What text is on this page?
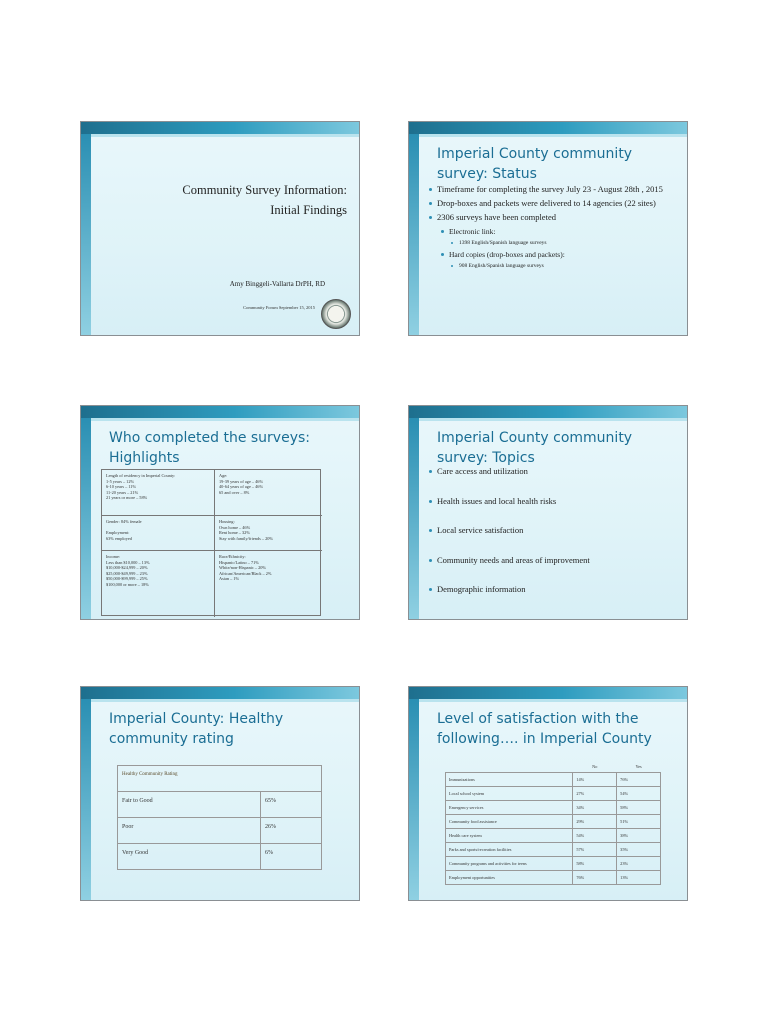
Community Survey Information:
Initial Findings
Amy Binggeli-Vallarta DrPH, RD
Community Forum September 15, 2015
Imperial County community survey: Status
Timeframe for completing the survey July 23 - August 28th , 2015
Drop-boxes and packets were delivered to 14 agencies (22 sites)
2306 surveys have been completed
Electronic link:
1398 English/Spanish language surveys
Hard copies (drop-boxes and packets):
908 English/Spanish language surveys
Who completed the surveys: Highlights
Length of residency in Imperial County:
1-5 years – 12%
6-10 years – 11%
11-20 years – 21%
21 years or more – 58%
Age:
19-39 years of age – 46%
40-64 years of age – 46%
65 and over – 8%
Gender: 84% female

Employment:
63% employed
Housing:
Own home – 46%
Rent home – 32%
Stay with family/friends – 20%
Income:
Less than $10,000 – 13%
$10,000-$24,999 – 20%
$25,000-$49,999 – 23%
$50,000-$99,999 – 25%
$100,000 or more – 18%
Race/Ethnicity:
Hispanic/Latino – 71%
White/non-Hispanic – 20%
African/American/Black – 2%
Asian – 1%
Imperial County community survey: Topics
Care access and utilization
Health issues and local health risks
Local service satisfaction
Community needs and areas of improvement
Demographic information
Imperial County: Healthy community rating
Healthy Community Rating	
Fair to Good	65%
Poor	26%
Very Good	6%
Level of satisfaction with the following…. in Imperial County
	No	Yes
Immunizations	14%	76%
Local school system	27%	54%
Emergency services	34%	58%
Community food assistance	29%	51%
Health care system	54%	38%
Parks and sports/recreation facilities	57%	35%
Community programs and activities for teens	58%	23%
Employment opportunities	76%	13%
